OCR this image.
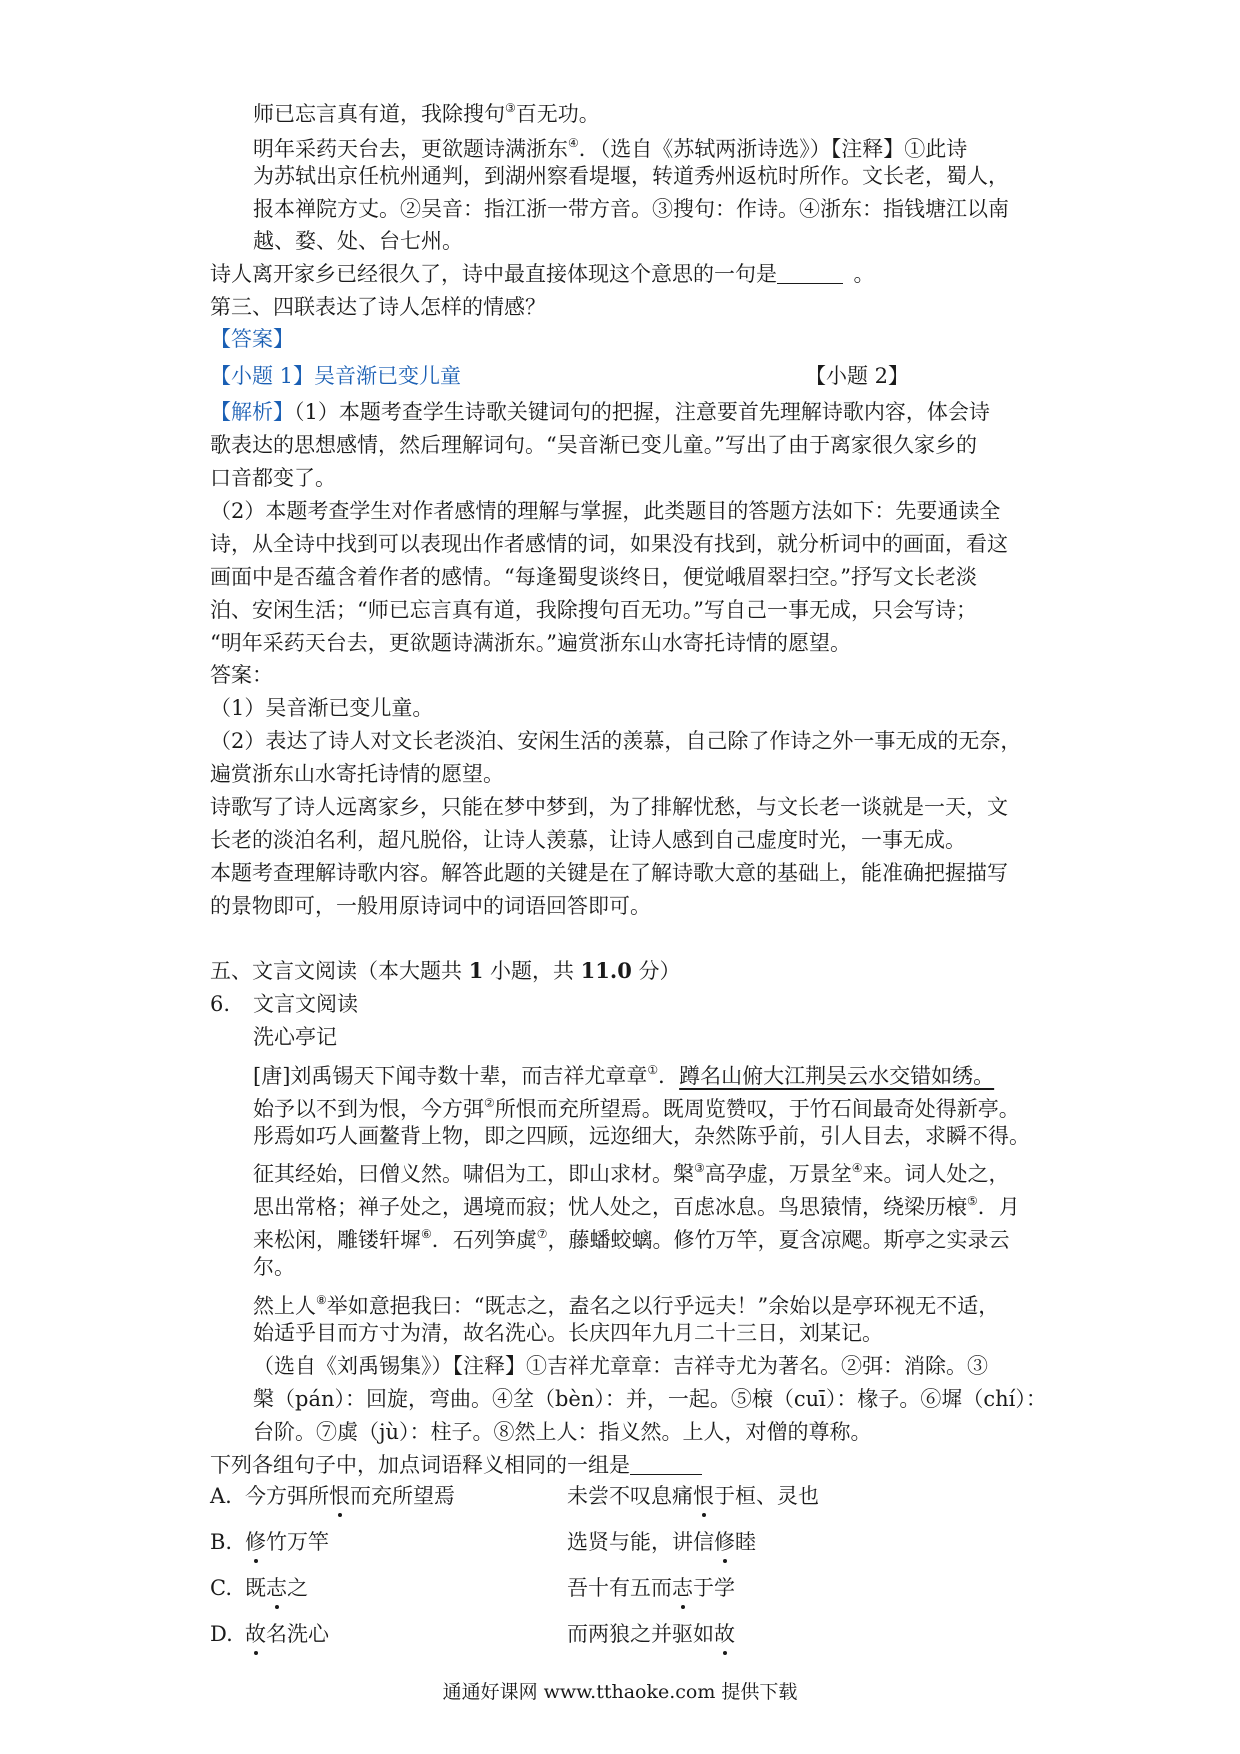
师已忘言真有道，我除搜句③百无功。
明年采药天台去，更欲题诗满浙东④．（选自《苏轼两浙诗选》）【注释】①此诗
为苏轼出京任杭州通判，到湖州察看堤堰，转道秀州返杭时所作。文长老，蜀人，
报本禅院方丈。②吴音：指江浙一带方音。③搜句：作诗。④浙东：指钱塘江以南
越、婺、处、台七州。
诗人离开家乡已经很久了，诗中最直接体现这个意思的一句是 	。
第三、四联表达了诗人怎样的情感？
【答案】
【小题 1】吴音渐已变儿童	【小题 2】
【解析】（1）本题考查学生诗歌关键词句的把握，注意要首先理解诗歌内容，体会诗
歌表达的思想感情，然后理解词句。“吴音渐已变儿童。”写出了由于离家很久家乡的
口音都变了。
（2）本题考查学生对作者感情的理解与掌握，此类题目的答题方法如下：先要通读全
诗，从全诗中找到可以表现出作者感情的词，如果没有找到，就分析词中的画面，看这
画面中是否蕴含着作者的感情。“每逢蜀叟谈终日，便觉峨眉翠扫空。”抒写文长老淡
泊、安闲生活；“师已忘言真有道，我除搜句百无功。”写自己一事无成，只会写诗；
“明年采药天台去，更欲题诗满浙东。”遍赏浙东山水寄托诗情的愿望。
答案：
（1）吴音渐已变儿童。
（2）表达了诗人对文长老淡泊、安闲生活的羡慕，自己除了作诗之外一事无成的无奈，
遍赏浙东山水寄托诗情的愿望。
诗歌写了诗人远离家乡，只能在梦中梦到，为了排解忧愁，与文长老一谈就是一天，文
长老的淡泊名利，超凡脱俗，让诗人羡慕，让诗人感到自己虚度时光，一事无成。
本题考查理解诗歌内容。解答此题的关键是在了解诗歌大意的基础上，能准确把握描写
的景物即可，一般用原诗词中的词语回答即可。
五、文言文阅读（本大题共 1 小题，共 11.0 分）
6. 文言文阅读
洗心亭记
[唐]刘禹锡天下闻寺数十辈，而吉祥尤章章①．蹲名山俯大江荆吴云水交错如绣。
始予以不到为恨，今方弭②所恨而充所望焉。既周览赞叹，于竹石间最奇处得新亭。
彤焉如巧人画鳌背上物，即之四顾，远迩细大，杂然陈乎前，引人目去，求瞬不得。
征其经始，曰僧义然。啸侣为工，即山求材。槃③高孕虚，万景坌④来。词人处之，
思出常格；禅子处之，遇境而寂；忧人处之，百虑冰息。鸟思猿情，绕梁历榱⑤．月
来松闲，雕镂轩墀⑥．石列笋虡⑦，藤蟠蛟螭。修竹万竿，夏含凉飔。斯亭之实录云
尔。
然上人⑧举如意挹我曰：“既志之，盍名之以行乎远夫！”余始以是亭环视无不适，
始适乎目而方寸为清，故名洗心。长庆四年九月二十三日，刘某记。
（选自《刘禹锡集》）【注释】①吉祥尤章章：吉祥寺尤为著名。②弭：消除。③
槃（pán）：回旋，弯曲。④坌（bèn）：并，一起。⑤榱（cuī）：椽子。⑥墀（chí）：
台阶。⑦虡（jù）：柱子。⑧然上人：指义然。上人，对僧的尊称。
下列各组句子中，加点词语释义相同的一组是
A. 今方弭所恨而充所望焉	未尝不叹息痛恨于桓、灵也
B. 修竹万竿	选贤与能，讲信修睦
C. 既志之	吾十有五而志于学
D. 故名洗心	而两狼之并驱如故
通通好课网 www.tthaoke.com 提供下载
